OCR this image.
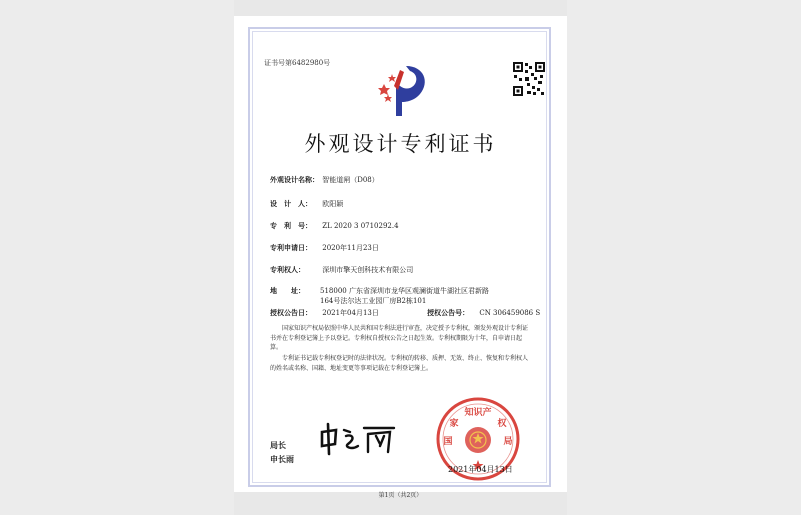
证书号第6482980号
外观设计专利证书
外观设计名称： 智能道闸（D08）
设　计　人： 欧阳颖
专　利　号： ZL 2020 3 0710292.4
专利申请日： 2020年11月23日
专利权人： 深圳市擎天创科技术有限公司
地　　址：	518000 广东省深圳市龙华区观澜街道牛湖社区君新路164号法尔达工业园厂房B2栋101
授权公告日： 2021年04月13日	授权公告号： CN 306459086 S
国家知识产权局依照中华人民共和国专利法进行审查，决定授予专利权，颁发外观设计专利证书并在专利登记簿上予以登记。专利权自授权公告之日起生效。专利权期限为十年，自申请日起算。
专利证书记载专利权登记时的法律状况。专利权的转移、质押、无效、终止、恢复和专利权人的姓名或名称、国籍、地址变更等事项记载在专利登记簿上。
局长
申长雨
知识产
国
家	权
局
2021年04月13日
第1页（共2页）
